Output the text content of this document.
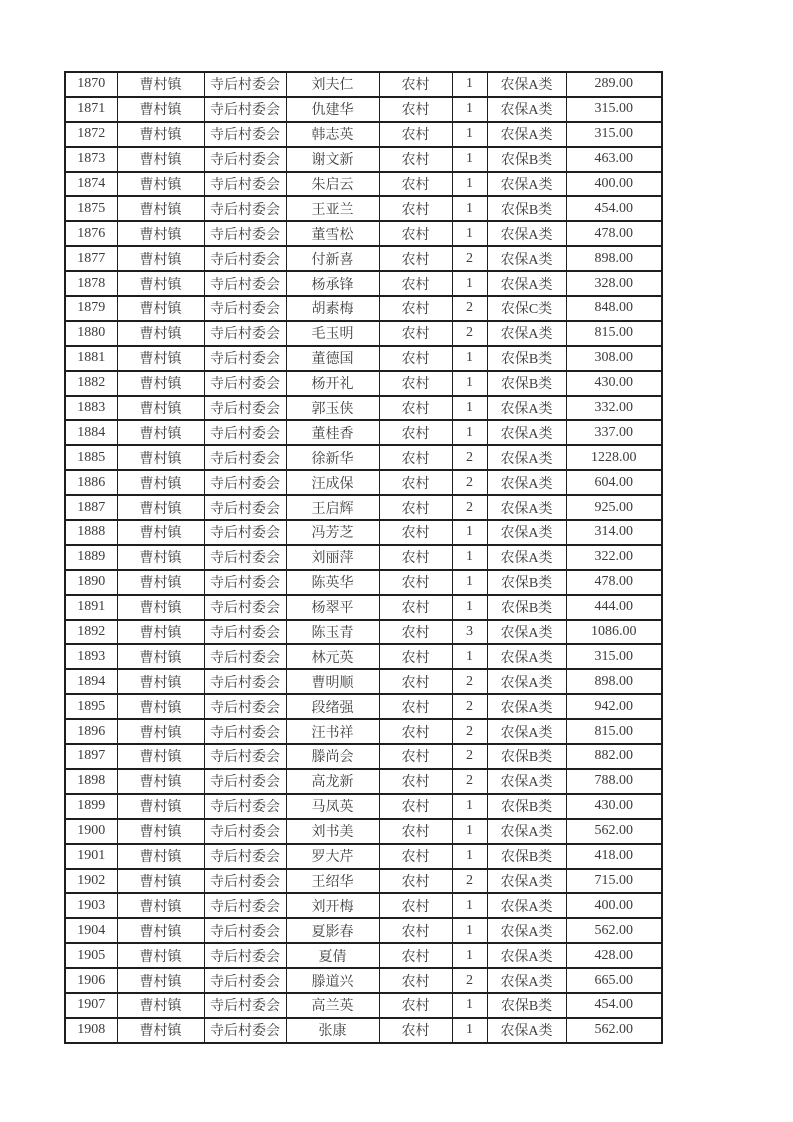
1870	曹村镇	寺后村委会	刘夫仁	农村	1	农保A类	289.00
1871	曹村镇	寺后村委会	仇建华	农村	1	农保A类	315.00
1872	曹村镇	寺后村委会	韩志英	农村	1	农保A类	315.00
1873	曹村镇	寺后村委会	谢文新	农村	1	农保B类	463.00
1874	曹村镇	寺后村委会	朱启云	农村	1	农保A类	400.00
1875	曹村镇	寺后村委会	王亚兰	农村	1	农保B类	454.00
1876	曹村镇	寺后村委会	董雪松	农村	1	农保A类	478.00
1877	曹村镇	寺后村委会	付新喜	农村	2	农保A类	898.00
1878	曹村镇	寺后村委会	杨承锋	农村	1	农保A类	328.00
1879	曹村镇	寺后村委会	胡素梅	农村	2	农保C类	848.00
1880	曹村镇	寺后村委会	毛玉明	农村	2	农保A类	815.00
1881	曹村镇	寺后村委会	董德国	农村	1	农保B类	308.00
1882	曹村镇	寺后村委会	杨开礼	农村	1	农保B类	430.00
1883	曹村镇	寺后村委会	郭玉侠	农村	1	农保A类	332.00
1884	曹村镇	寺后村委会	董桂香	农村	1	农保A类	337.00
1885	曹村镇	寺后村委会	徐新华	农村	2	农保A类	1228.00
1886	曹村镇	寺后村委会	汪成保	农村	2	农保A类	604.00
1887	曹村镇	寺后村委会	王启辉	农村	2	农保A类	925.00
1888	曹村镇	寺后村委会	冯芳芝	农村	1	农保A类	314.00
1889	曹村镇	寺后村委会	刘丽萍	农村	1	农保A类	322.00
1890	曹村镇	寺后村委会	陈英华	农村	1	农保B类	478.00
1891	曹村镇	寺后村委会	杨翠平	农村	1	农保B类	444.00
1892	曹村镇	寺后村委会	陈玉青	农村	3	农保A类	1086.00
1893	曹村镇	寺后村委会	林元英	农村	1	农保A类	315.00
1894	曹村镇	寺后村委会	曹明顺	农村	2	农保A类	898.00
1895	曹村镇	寺后村委会	段绪强	农村	2	农保A类	942.00
1896	曹村镇	寺后村委会	汪书祥	农村	2	农保A类	815.00
1897	曹村镇	寺后村委会	滕尚会	农村	2	农保B类	882.00
1898	曹村镇	寺后村委会	高龙新	农村	2	农保A类	788.00
1899	曹村镇	寺后村委会	马凤英	农村	1	农保B类	430.00
1900	曹村镇	寺后村委会	刘书美	农村	1	农保A类	562.00
1901	曹村镇	寺后村委会	罗大芹	农村	1	农保B类	418.00
1902	曹村镇	寺后村委会	王绍华	农村	2	农保A类	715.00
1903	曹村镇	寺后村委会	刘开梅	农村	1	农保A类	400.00
1904	曹村镇	寺后村委会	夏影春	农村	1	农保A类	562.00
1905	曹村镇	寺后村委会	夏倩	农村	1	农保A类	428.00
1906	曹村镇	寺后村委会	滕道兴	农村	2	农保A类	665.00
1907	曹村镇	寺后村委会	高兰英	农村	1	农保B类	454.00
1908	曹村镇	寺后村委会	张康	农村	1	农保A类	562.00
